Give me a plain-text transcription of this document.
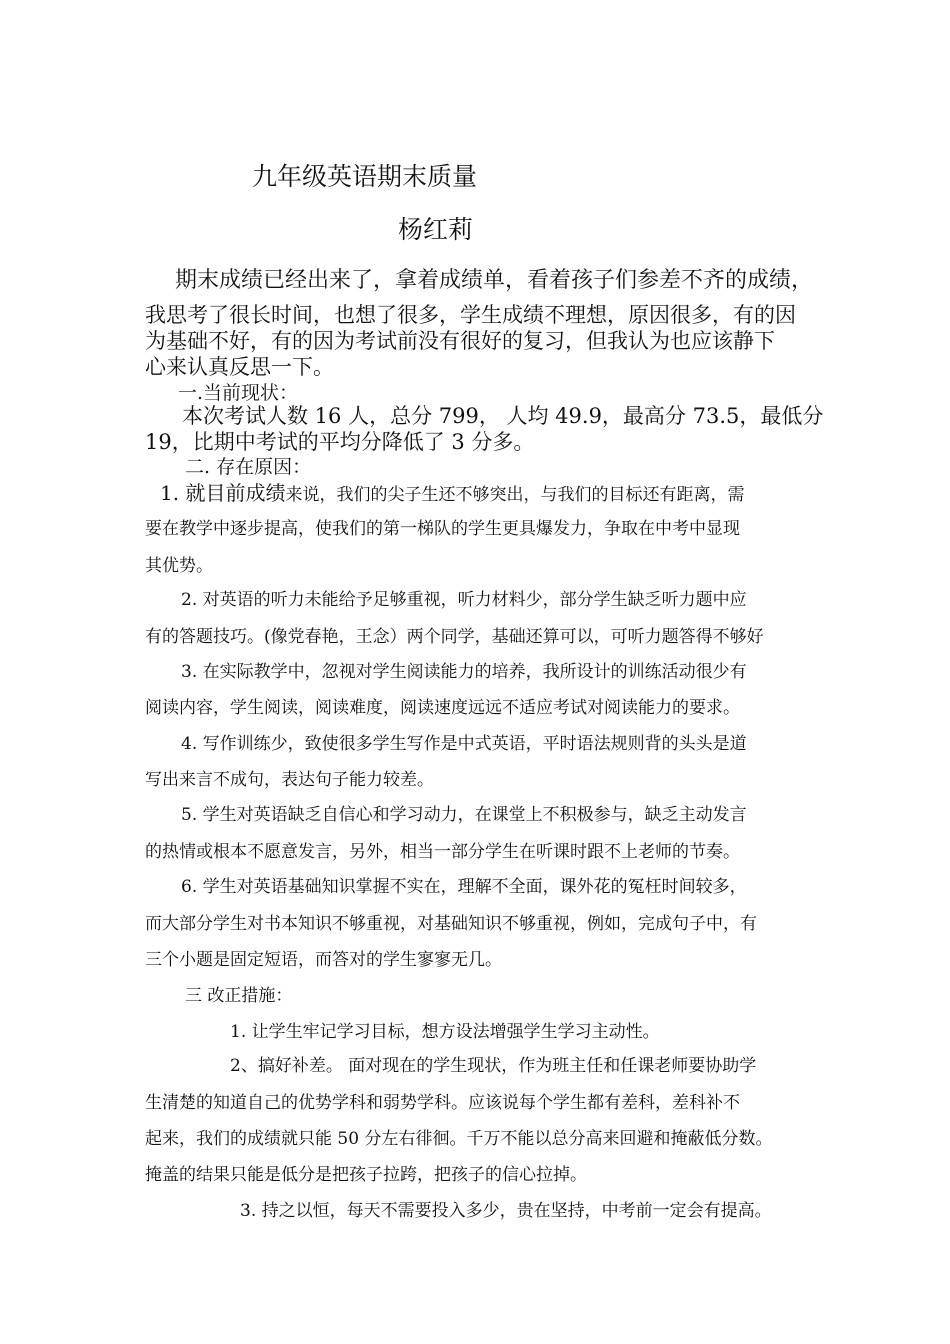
九年级英语期末质量
杨红莉
期末成绩已经出来了，拿着成绩单，看着孩子们参差不齐的成绩，
我思考了很长时间，也想了很多，学生成绩不理想，原因很多，有的因
为基础不好，有的因为考试前没有很好的复习，但我认为也应该静下
心来认真反思一下。
一.当前现状：
本次考试人数 16 人，总分 799， 人均 49.9，最高分 73.5，最低分
19，比期中考试的平均分降低了 3 分多。
二. 存在原因：
1. 就目前成绩来说，我们的尖子生还不够突出，与我们的目标还有距离，需
要在教学中逐步提高，使我们的第一梯队的学生更具爆发力，争取在中考中显现
其优势。
2. 对英语的听力未能给予足够重视，听力材料少，部分学生缺乏听力题中应
有的答题技巧。(像党春艳，王念）两个同学，基础还算可以，可听力题答得不够好
3. 在实际教学中，忽视对学生阅读能力的培养，我所设计的训练活动很少有
阅读内容，学生阅读，阅读难度，阅读速度远远不适应考试对阅读能力的要求。
4. 写作训练少，致使很多学生写作是中式英语，平时语法规则背的头头是道
写出来言不成句，表达句子能力较差。
5. 学生对英语缺乏自信心和学习动力，在课堂上不积极参与，缺乏主动发言
的热情或根本不愿意发言，另外，相当一部分学生在听课时跟不上老师的节奏。
6. 学生对英语基础知识掌握不实在，理解不全面，课外花的冤枉时间较多，
而大部分学生对书本知识不够重视，对基础知识不够重视，例如，完成句子中，有
三个小题是固定短语，而答对的学生寥寥无几。
三 改正措施：
1. 让学生牢记学习目标，想方设法增强学生学习主动性。
2、搞好补差。 面对现在的学生现状，作为班主任和任课老师要协助学
生清楚的知道自己的优势学科和弱势学科。应该说每个学生都有差科，差科补不
起来，我们的成绩就只能 50 分左右徘徊。千万不能以总分高来回避和掩蔽低分数。
掩盖的结果只能是低分是把孩子拉跨，把孩子的信心拉掉。
3. 持之以恒，每天不需要投入多少，贵在坚持，中考前一定会有提高。
